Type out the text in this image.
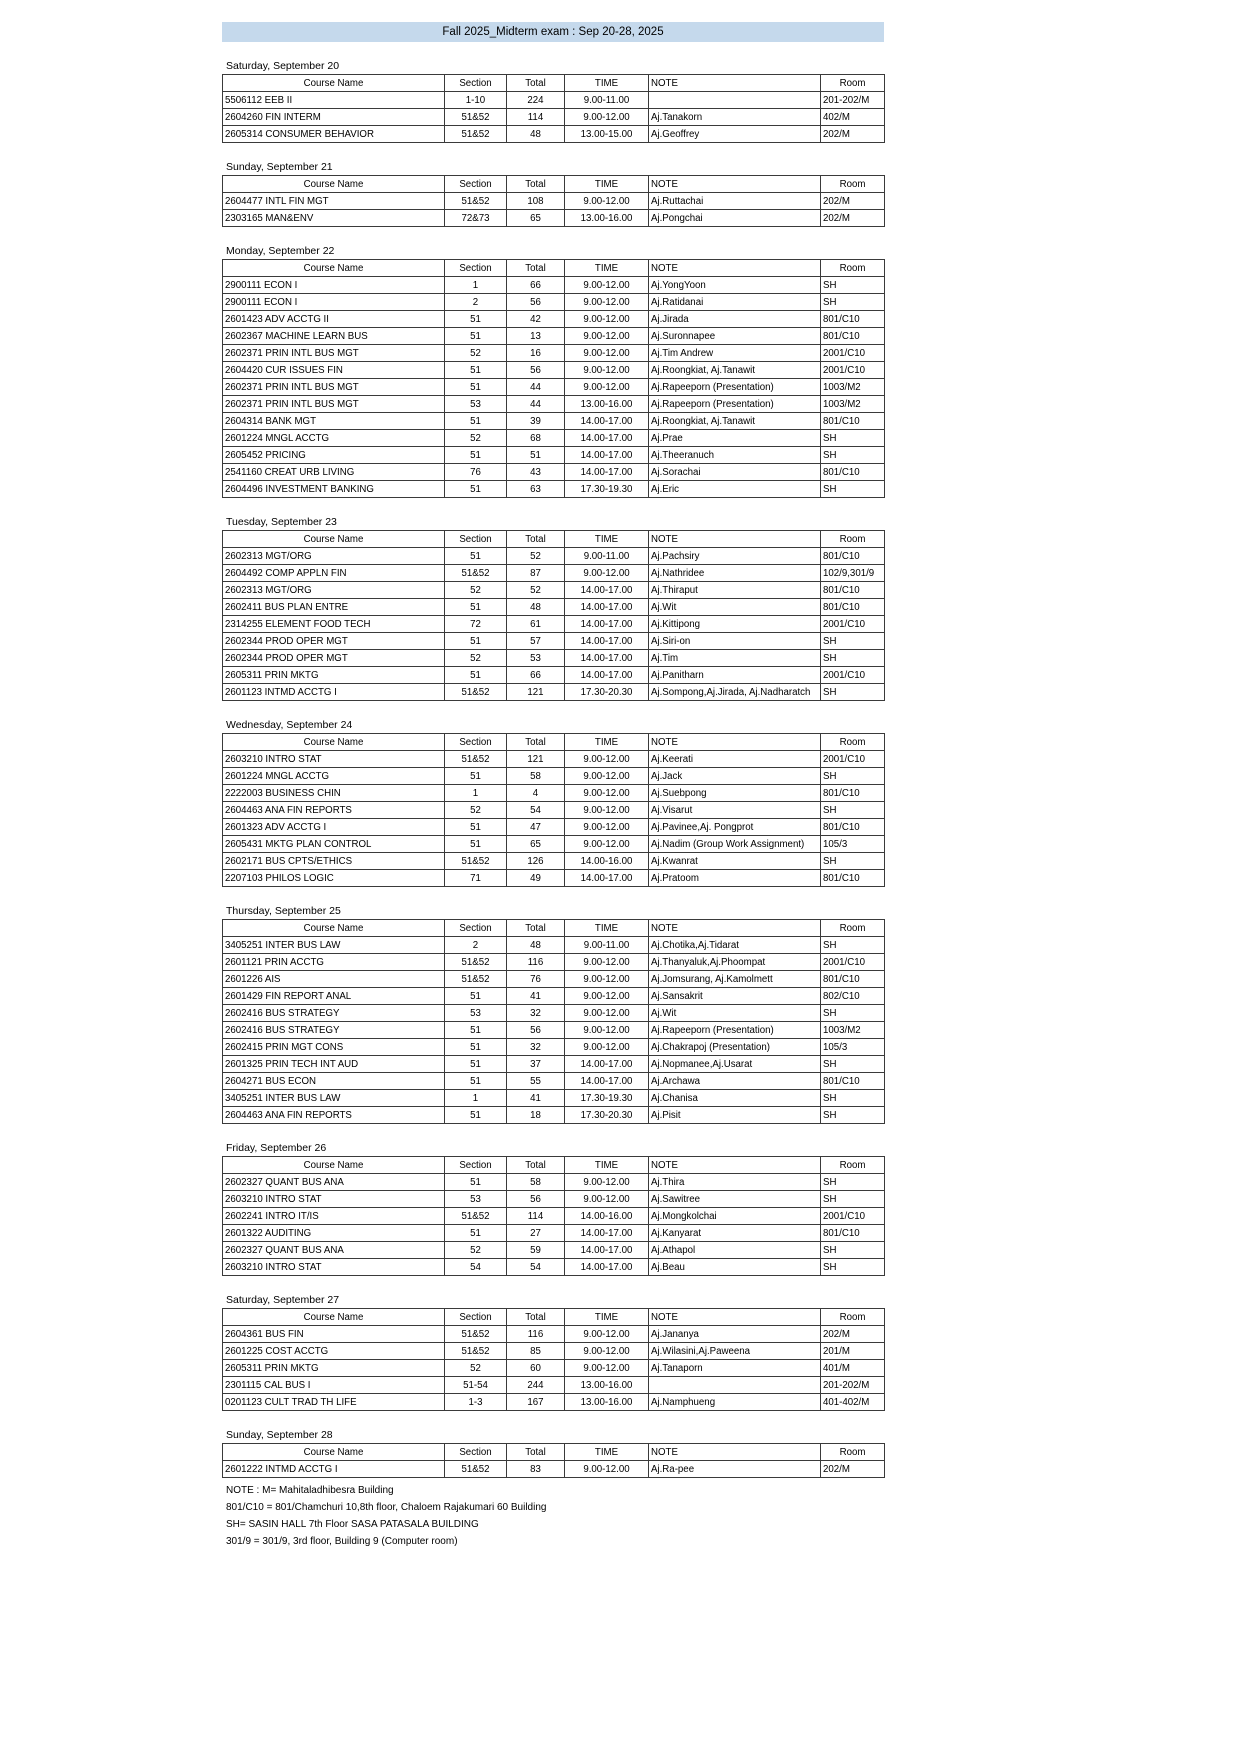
Fall 2025_Midterm exam : Sep 20-28, 2025
Saturday, September 20
Course Name	Section	Total	TIME	NOTE	Room
5506112 EEB II	1-10	224	9.00-11.00		201-202/M
2604260 FIN INTERM	51&52	114	9.00-12.00	Aj.Tanakorn	402/M
2605314 CONSUMER BEHAVIOR	51&52	48	13.00-15.00	Aj.Geoffrey	202/M
Sunday, September 21
Course Name	Section	Total	TIME	NOTE	Room
2604477 INTL FIN MGT	51&52	108	9.00-12.00	Aj.Ruttachai	202/M
2303165 MAN&ENV	72&73	65	13.00-16.00	Aj.Pongchai	202/M
Monday, September 22
Course Name	Section	Total	TIME	NOTE	Room
2900111 ECON I	1	66	9.00-12.00	Aj.YongYoon	SH
2900111 ECON I	2	56	9.00-12.00	Aj.Ratidanai	SH
2601423 ADV ACCTG II	51	42	9.00-12.00	Aj.Jirada	801/C10
2602367 MACHINE LEARN BUS	51	13	9.00-12.00	Aj.Suronnapee	801/C10
2602371 PRIN INTL BUS MGT	52	16	9.00-12.00	Aj.Tim Andrew	2001/C10
2604420 CUR ISSUES FIN	51	56	9.00-12.00	Aj.Roongkiat, Aj.Tanawit	2001/C10
2602371 PRIN INTL BUS MGT	51	44	9.00-12.00	Aj.Rapeeporn (Presentation)	1003/M2
2602371 PRIN INTL BUS MGT	53	44	13.00-16.00	Aj.Rapeeporn (Presentation)	1003/M2
2604314 BANK MGT	51	39	14.00-17.00	Aj.Roongkiat, Aj.Tanawit	801/C10
2601224 MNGL ACCTG	52	68	14.00-17.00	Aj.Prae	SH
2605452 PRICING	51	51	14.00-17.00	Aj.Theeranuch	SH
2541160 CREAT URB LIVING	76	43	14.00-17.00	Aj.Sorachai	801/C10
2604496 INVESTMENT BANKING	51	63	17.30-19.30	Aj.Eric	SH
Tuesday, September 23
Course Name	Section	Total	TIME	NOTE	Room
2602313 MGT/ORG	51	52	9.00-11.00	Aj.Pachsiry	801/C10
2604492 COMP APPLN FIN	51&52	87	9.00-12.00	Aj.Nathridee	102/9,301/9
2602313 MGT/ORG	52	52	14.00-17.00	Aj.Thiraput	801/C10
2602411 BUS PLAN ENTRE	51	48	14.00-17.00	Aj.Wit	801/C10
2314255 ELEMENT FOOD TECH	72	61	14.00-17.00	Aj.Kittipong	2001/C10
2602344 PROD OPER MGT	51	57	14.00-17.00	Aj.Siri-on	SH
2602344 PROD OPER MGT	52	53	14.00-17.00	Aj.Tim	SH
2605311 PRIN MKTG	51	66	14.00-17.00	Aj.Panitharn	2001/C10
2601123 INTMD ACCTG I	51&52	121	17.30-20.30	Aj.Sompong,Aj.Jirada, Aj.Nadharatch	SH
Wednesday, September 24
Course Name	Section	Total	TIME	NOTE	Room
2603210 INTRO STAT	51&52	121	9.00-12.00	Aj.Keerati	2001/C10
2601224 MNGL ACCTG	51	58	9.00-12.00	Aj.Jack	SH
2222003 BUSINESS CHIN	1	4	9.00-12.00	Aj.Suebpong	801/C10
2604463 ANA FIN REPORTS	52	54	9.00-12.00	Aj.Visarut	SH
2601323 ADV ACCTG I	51	47	9.00-12.00	Aj.Pavinee,Aj. Pongprot	801/C10
2605431 MKTG PLAN CONTROL	51	65	9.00-12.00	Aj.Nadim (Group Work Assignment)	105/3
2602171 BUS CPTS/ETHICS	51&52	126	14.00-16.00	Aj.Kwanrat	SH
2207103 PHILOS LOGIC	71	49	14.00-17.00	Aj.Pratoom	801/C10
Thursday, September 25
Course Name	Section	Total	TIME	NOTE	Room
3405251 INTER BUS LAW	2	48	9.00-11.00	Aj.Chotika,Aj.Tidarat	SH
2601121 PRIN ACCTG	51&52	116	9.00-12.00	Aj.Thanyaluk,Aj.Phoompat	2001/C10
2601226 AIS	51&52	76	9.00-12.00	Aj.Jomsurang, Aj.Kamolmett	801/C10
2601429 FIN REPORT ANAL	51	41	9.00-12.00	Aj.Sansakrit	802/C10
2602416 BUS STRATEGY	53	32	9.00-12.00	Aj.Wit	SH
2602416 BUS STRATEGY	51	56	9.00-12.00	Aj.Rapeeporn (Presentation)	1003/M2
2602415 PRIN MGT CONS	51	32	9.00-12.00	Aj.Chakrapoj (Presentation)	105/3
2601325 PRIN TECH INT AUD	51	37	14.00-17.00	Aj.Nopmanee,Aj.Usarat	SH
2604271 BUS ECON	51	55	14.00-17.00	Aj.Archawa	801/C10
3405251 INTER BUS LAW	1	41	17.30-19.30	Aj.Chanisa	SH
2604463 ANA FIN REPORTS	51	18	17.30-20.30	Aj.Pisit	SH
Friday, September 26
Course Name	Section	Total	TIME	NOTE	Room
2602327 QUANT BUS ANA	51	58	9.00-12.00	Aj.Thira	SH
2603210 INTRO STAT	53	56	9.00-12.00	Aj.Sawitree	SH
2602241 INTRO IT/IS	51&52	114	14.00-16.00	Aj.Mongkolchai	2001/C10
2601322 AUDITING	51	27	14.00-17.00	Aj.Kanyarat	801/C10
2602327 QUANT BUS ANA	52	59	14.00-17.00	Aj.Athapol	SH
2603210 INTRO STAT	54	54	14.00-17.00	Aj.Beau	SH
Saturday, September 27
Course Name	Section	Total	TIME	NOTE	Room
2604361 BUS FIN	51&52	116	9.00-12.00	Aj.Jananya	202/M
2601225 COST ACCTG	51&52	85	9.00-12.00	Aj.Wilasini,Aj.Paweena	201/M
2605311 PRIN MKTG	52	60	9.00-12.00	Aj.Tanaporn	401/M
2301115 CAL BUS I	51-54	244	13.00-16.00		201-202/M
0201123 CULT TRAD TH LIFE	1-3	167	13.00-16.00	Aj.Namphueng	401-402/M
Sunday, September 28
Course Name	Section	Total	TIME	NOTE	Room
2601222 INTMD ACCTG I	51&52	83	9.00-12.00	Aj.Ra-pee	202/M
NOTE : M= Mahitaladhibesra Building
801/C10 = 801/Chamchuri 10,8th floor, Chaloem Rajakumari 60 Building
SH= SASIN HALL 7th Floor SASA PATASALA BUILDING
301/9 = 301/9, 3rd floor, Building 9 (Computer room)
